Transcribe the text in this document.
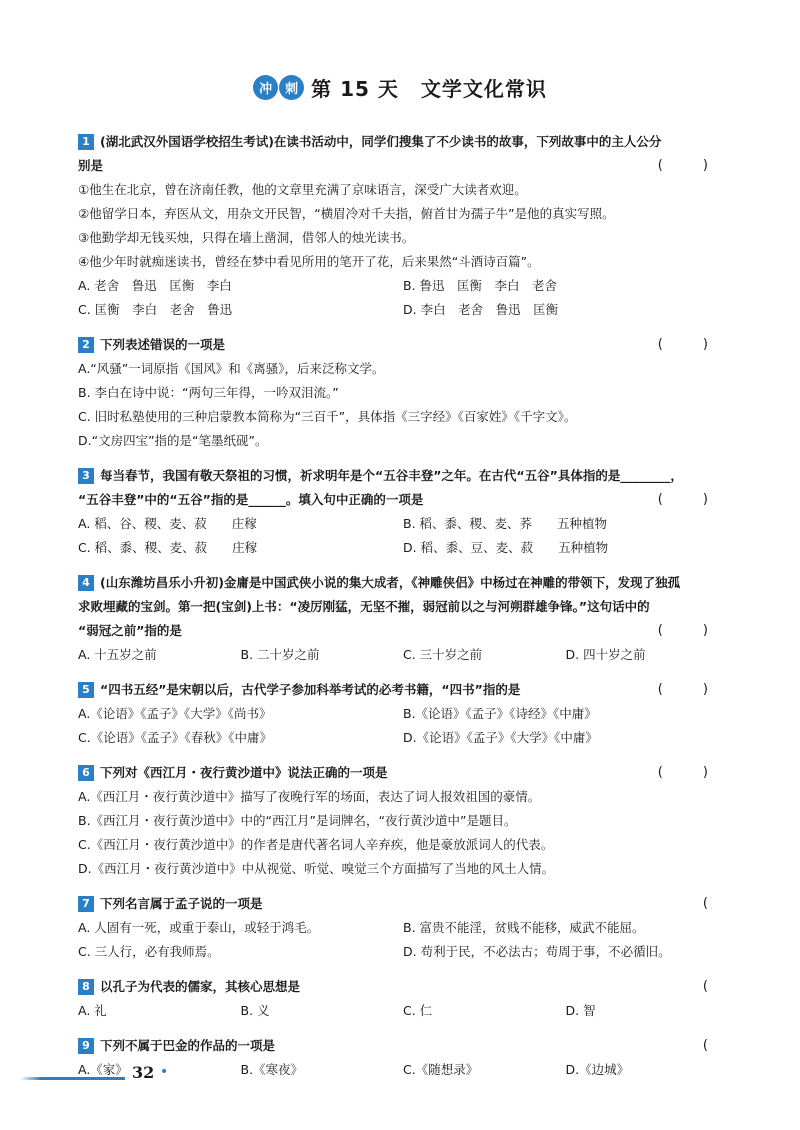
冲 刺 第 15 天 文学文化常识
1 (湖北武汉外国语学校招生考试)在读书活动中，同学们搜集了不少读书的故事，下列故事中的主人公分
别是	( )
①他生在北京，曾在济南任教，他的文章里充满了京味语言，深受广大读者欢迎。
②他留学日本，弃医从文，用杂文开民智，“横眉冷对千夫指，俯首甘为孺子牛”是他的真实写照。
③他勤学却无钱买烛，只得在墙上凿洞，借邻人的烛光读书。
④他少年时就痴迷读书，曾经在梦中看见所用的笔开了花，后来果然“斗酒诗百篇”。
A. 老舍　鲁迅　匡衡　李白	B. 鲁迅　匡衡　李白　老舍
C. 匡衡　李白　老舍　鲁迅	D. 李白　老舍　鲁迅　匡衡
2 下列表述错误的一项是	( )
A.“风骚”一词原指《国风》和《离骚》，后来泛称文学。
B. 李白在诗中说：“两句三年得，一吟双泪流。”
C. 旧时私塾使用的三种启蒙教本简称为“三百千”，具体指《三字经》《百家姓》《千字文》。
D.“文房四宝”指的是“笔墨纸砚”。
3 每当春节，我国有敬天祭祖的习惯，祈求明年是个“五谷丰登”之年。在古代“五谷”具体指的是________，
“五谷丰登”中的“五谷”指的是______。填入句中正确的一项是	( )
A. 稻、谷、稷、麦、菽　　庄稼	B. 稻、黍、稷、麦、荞　　五种植物
C. 稻、黍、稷、麦、菽　　庄稼	D. 稻、黍、豆、麦、菽　　五种植物
4 (山东潍坊昌乐小升初)金庸是中国武侠小说的集大成者，《神雕侠侣》中杨过在神雕的带领下，发现了独孤
求败埋藏的宝剑。第一把(宝剑)上书：“凌厉刚猛，无坚不摧，弱冠前以之与河朔群雄争锋。”这句话中的
“弱冠之前”指的是	( )
A. 十五岁之前	B. 二十岁之前	C. 三十岁之前	D. 四十岁之前
5 “四书五经”是宋朝以后，古代学子参加科举考试的必考书籍，“四书”指的是	( )
A.《论语》《孟子》《大学》《尚书》	B.《论语》《孟子》《诗经》《中庸》
C.《论语》《孟子》《春秋》《中庸》	D.《论语》《孟子》《大学》《中庸》
6 下列对《西江月・夜行黄沙道中》说法正确的一项是	( )
A.《西江月・夜行黄沙道中》描写了夜晚行军的场面，表达了词人报效祖国的豪情。
B.《西江月・夜行黄沙道中》中的“西江月”是词牌名，“夜行黄沙道中”是题目。
C.《西江月・夜行黄沙道中》的作者是唐代著名词人辛弃疾，他是豪放派词人的代表。
D.《西江月・夜行黄沙道中》中从视觉、听觉、嗅觉三个方面描写了当地的风土人情。
7 下列名言属于孟子说的一项是	(
A. 人固有一死，或重于泰山，或轻于鸿毛。	B. 富贵不能淫，贫贱不能移，威武不能屈。
C. 三人行，必有我师焉。	D. 苟利于民，不必法古；苟周于事，不必循旧。
8 以孔子为代表的儒家，其核心思想是	(
A. 礼	B. 义	C. 仁	D. 智
9 下列不属于巴金的作品的一项是	(
A.《家》	B.《寒夜》	C.《随想录》	D.《边城》
32 •
